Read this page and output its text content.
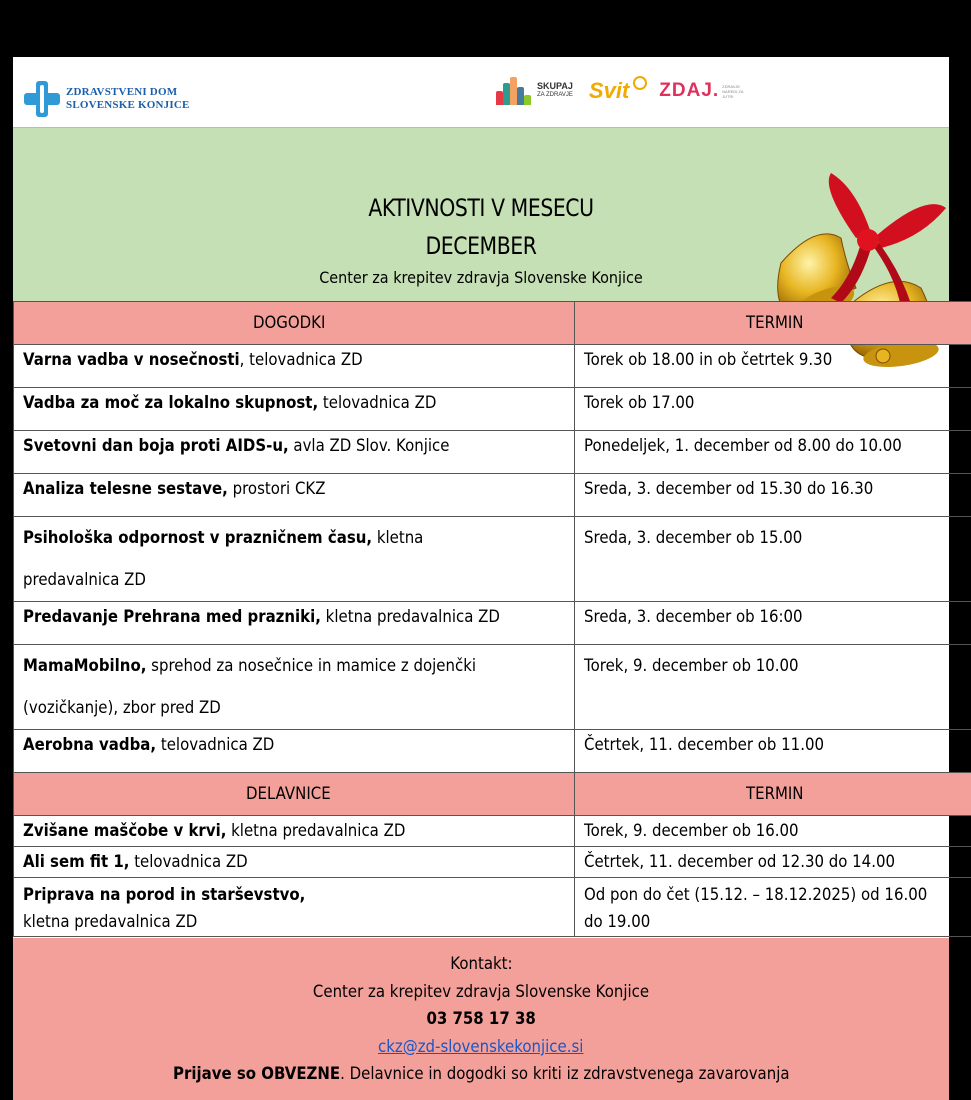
ZDRAVSTVENI DOM
SLOVENSKE KONJICE
SKUPAJ
ZA ZDRAVJE Svit ZDAJ. ZDRAVJE NAREDI ZA JUTRI
AKTIVNOSTI V MESECU
DECEMBER
Center za krepitev zdravja Slovenske Konjice
DOGODKI	TERMIN
Varna vadba v nosečnosti, telovadnica ZD	Torek ob 18.00 in ob četrtek 9.30
Vadba za moč za lokalno skupnost, telovadnica ZD	Torek ob 17.00
Svetovni dan boja proti AIDS-u, avla ZD Slov. Konjice	Ponedeljek, 1. december od 8.00 do 10.00
Analiza telesne sestave, prostori CKZ	Sreda, 3. december od 15.30 do 16.30
Psihološka odpornost v prazničnem času, kletna
predavalnica ZD	Sreda, 3. december ob 15.00
Predavanje Prehrana med prazniki, kletna predavalnica ZD	Sreda, 3. december ob 16:00
MamaMobilno, sprehod za nosečnice in mamice z dojenčki
(vozičkanje), zbor pred ZD	Torek, 9. december ob 10.00
Aerobna vadba, telovadnica ZD	Četrtek, 11. december ob 11.00
DELAVNICE	TERMIN
Zvišane maščobe v krvi, kletna predavalnica ZD	Torek, 9. december ob 16.00
Ali sem fit 1, telovadnica ZD	Četrtek, 11. december od 12.30 do 14.00
Priprava na porod in starševstvo,
kletna predavalnica ZD	Od pon do čet (15.12. – 18.12.2025) od 16.00
do 19.00
Kontakt:
Center za krepitev zdravja Slovenske Konjice
03 758 17 38
ckz@zd-slovenskekonjice.si
Prijave so OBVEZNE. Delavnice in dogodki so kriti iz zdravstvenega zavarovanja
